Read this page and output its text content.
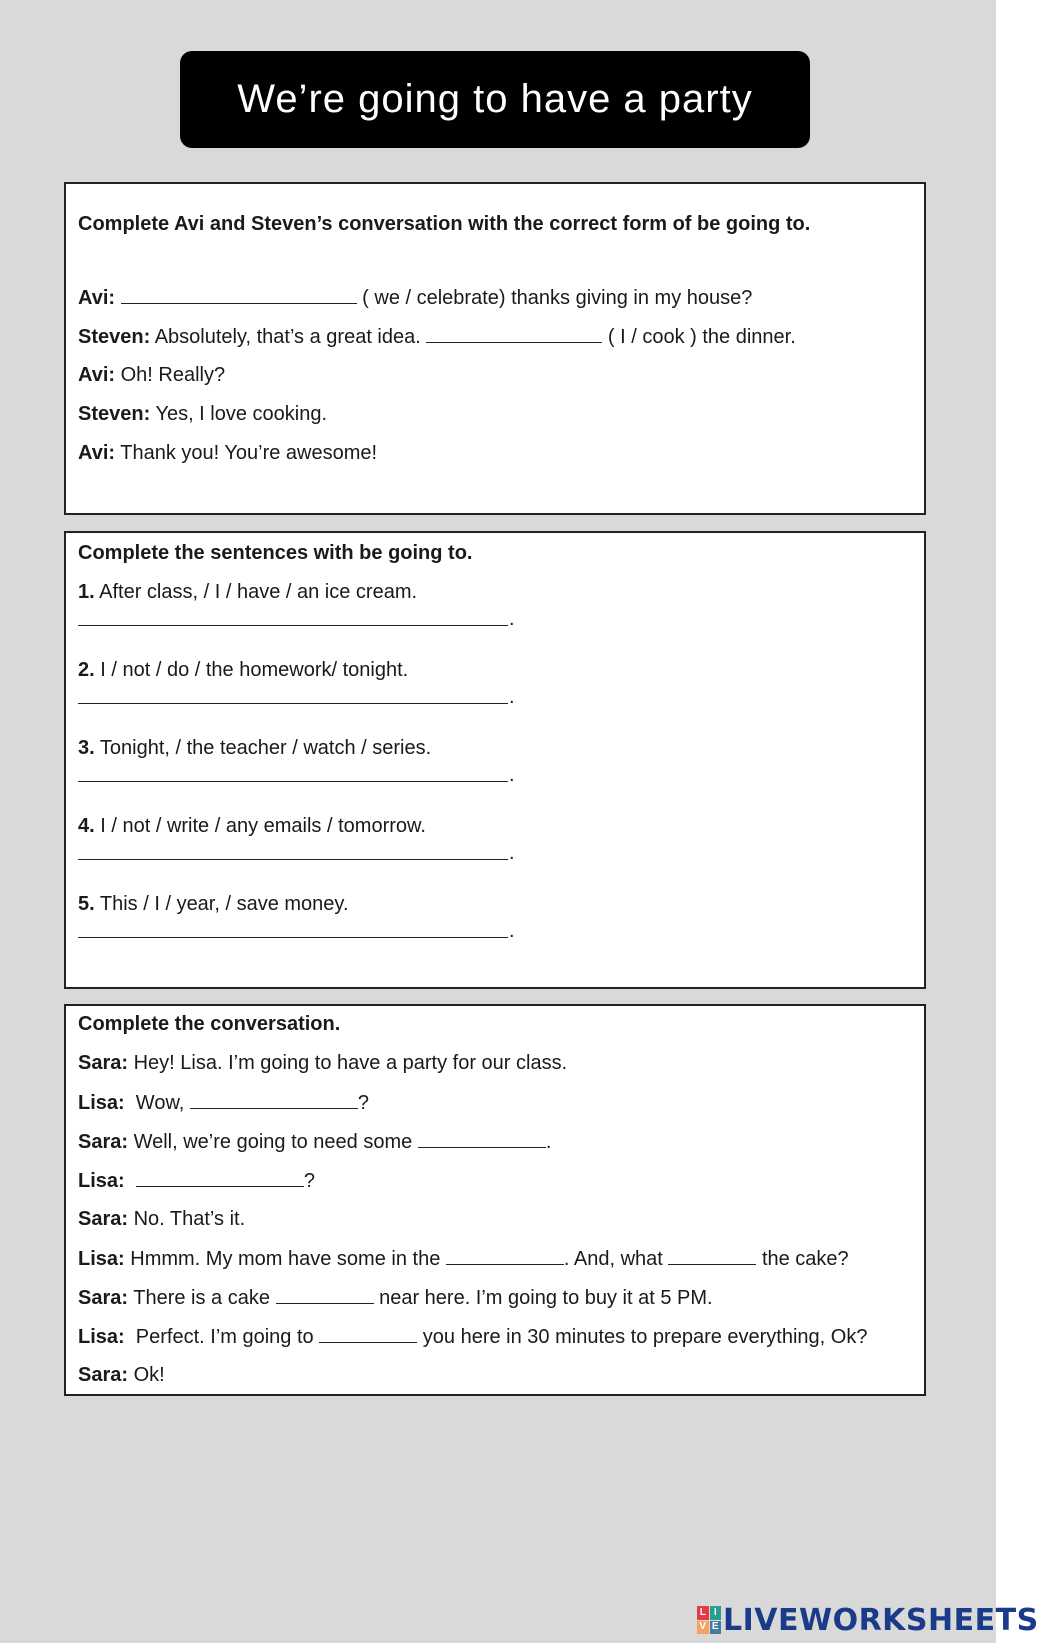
We’re going to have a party
Complete Avi and Steven’s conversation with the correct form of be going to.
Avi:	( we / celebrate) thanks giving in my house?
Steven: Absolutely, that’s a great idea.	( I / cook ) the dinner.
Avi: Oh! Really?
Steven: Yes, I love cooking.
Avi: Thank you! You’re awesome!
Complete the sentences with be going to.
1. After class, / I / have / an ice cream.
.
2. I / not / do / the homework/ tonight.
.
3. Tonight, / the teacher / watch / series.
.
4. I / not / write / any emails / tomorrow.
.
5. This / I / year, / save money.
.
Complete the conversation.
Sara: Hey! Lisa. I’m going to have a party for our class.
Lisa:  Wow,	?
Sara: Well, we’re going to need some	.
Lisa:	?
Sara: No. That’s it.
Lisa: Hmmm. My mom have some in the	. And, what	the cake?
Sara: There is a cake	near here. I’m going to buy it at 5 PM.
Lisa:  Perfect. I’m going to	you here in 30 minutes to prepare everything, Ok?
Sara: Ok!
L I
V E LIVEWORKSHEETS
